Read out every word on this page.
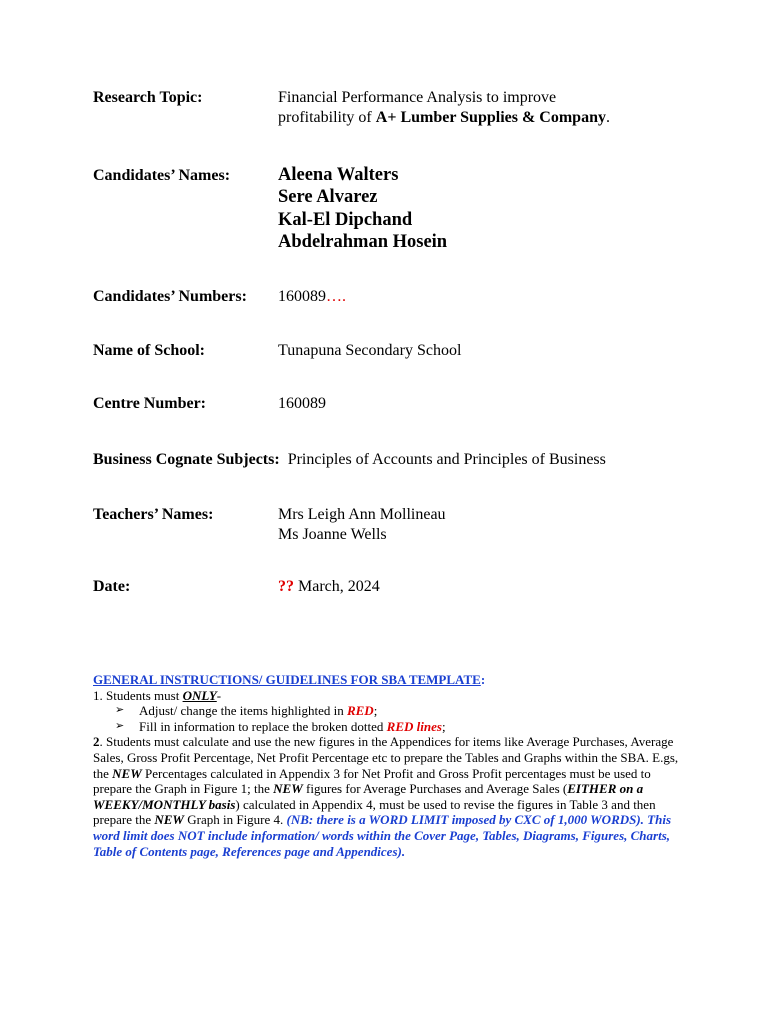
Research Topic:	Financial Performance Analysis to improve
profitability of A+ Lumber Supplies & Company.
Candidates’ Names:	Aleena Walters
Sere Alvarez
Kal-El Dipchand
Abdelrahman Hosein
Candidates’ Numbers: 160089….
Name of School:	Tunapuna Secondary School
Centre Number:	160089
Business Cognate Subjects: Principles of Accounts and Principles of Business
Teachers’ Names:	Mrs Leigh Ann Mollineau
Ms Joanne Wells
Date:	?? March, 2024
GENERAL INSTRUCTIONS/ GUIDELINES FOR SBA TEMPLATE:
1. Students must ONLY-
➢ Adjust/ change the items highlighted in RED;
➢ Fill in information to replace the broken dotted RED lines;
2. Students must calculate and use the new figures in the Appendices for items like Average Purchases, Average Sales, Gross Profit Percentage, Net Profit Percentage etc to prepare the Tables and Graphs within the SBA. E.gs, the NEW Percentages calculated in Appendix 3 for Net Profit and Gross Profit percentages must be used to prepare the Graph in Figure 1; the NEW figures for Average Purchases and Average Sales (EITHER on a WEEKY/MONTHLY basis) calculated in Appendix 4, must be used to revise the figures in Table 3 and then prepare the NEW Graph in Figure 4. (NB: there is a WORD LIMIT imposed by CXC of 1,000 WORDS). This word limit does NOT include information/ words within the Cover Page, Tables, Diagrams, Figures, Charts, Table of Contents page, References page and Appendices).
